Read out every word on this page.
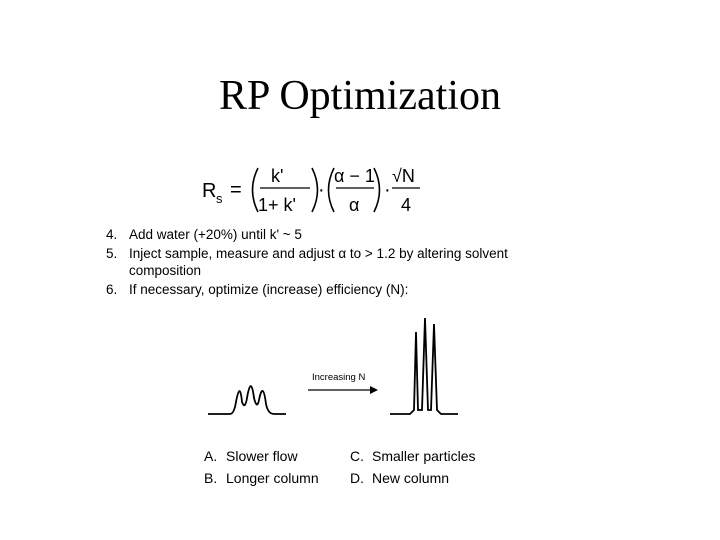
RP Optimization
R s =
k'
1+ k'
·
α − 1
α
·
√N
4
4. Add water (+20%) until k' ~ 5
5. Inject sample, measure and adjust α to > 1.2 by altering solvent composition
6. If necessary, optimize (increase) efficiency (N):
Increasing N
A. Slower flow
B. Longer column
C. Smaller particles
D. New column
